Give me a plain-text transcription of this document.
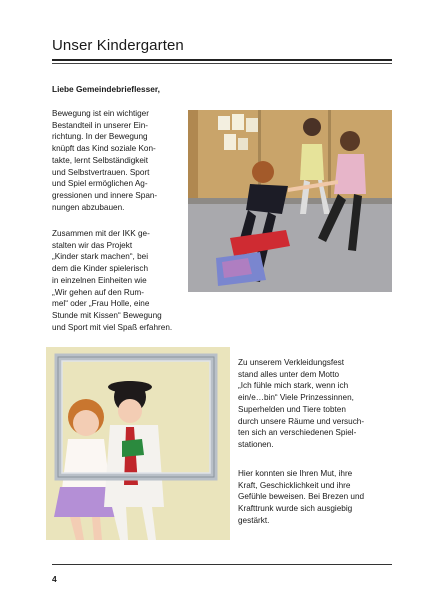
Unser Kindergarten
Liebe Gemeindebrieflesser,

Bewegung ist ein wichtiger
Bestandteil in unserer Ein-
richtung. In der Bewegung
knüpft das Kind soziale Kon-
takte, lernt Selbständigkeit
und Selbstvertrauen. Sport
und Spiel ermöglichen Ag-
gressionen und innere Span-
nungen abzubauen.

Zusammen mit der IKK ge-
stalten wir das Projekt
„Kinder stark machen“, bei
dem die Kinder spielerisch
in einzelnen Einheiten wie
„Wir gehen auf den Rum-
mel“ oder „Frau Holle, eine
Stunde mit Kissen“ Bewegung
und Sport mit viel Spaß erfahren.

Zu unserem Verkleidungsfest
stand alles unter dem Motto
„Ich fühle mich stark, wenn ich
ein/e…bin“ Viele Prinzessinnen,
Superhelden und Tiere tobten
durch unsere Räume und versuch-
ten sich an verschiedenen Spiel-
stationen.

Hier konnten sie Ihren Mut, ihre
Kraft, Geschicklichkeit und ihre
Gefühle beweisen. Bei Brezen und
Krafttrunk wurde sich ausgiebig
gestärkt.

4
